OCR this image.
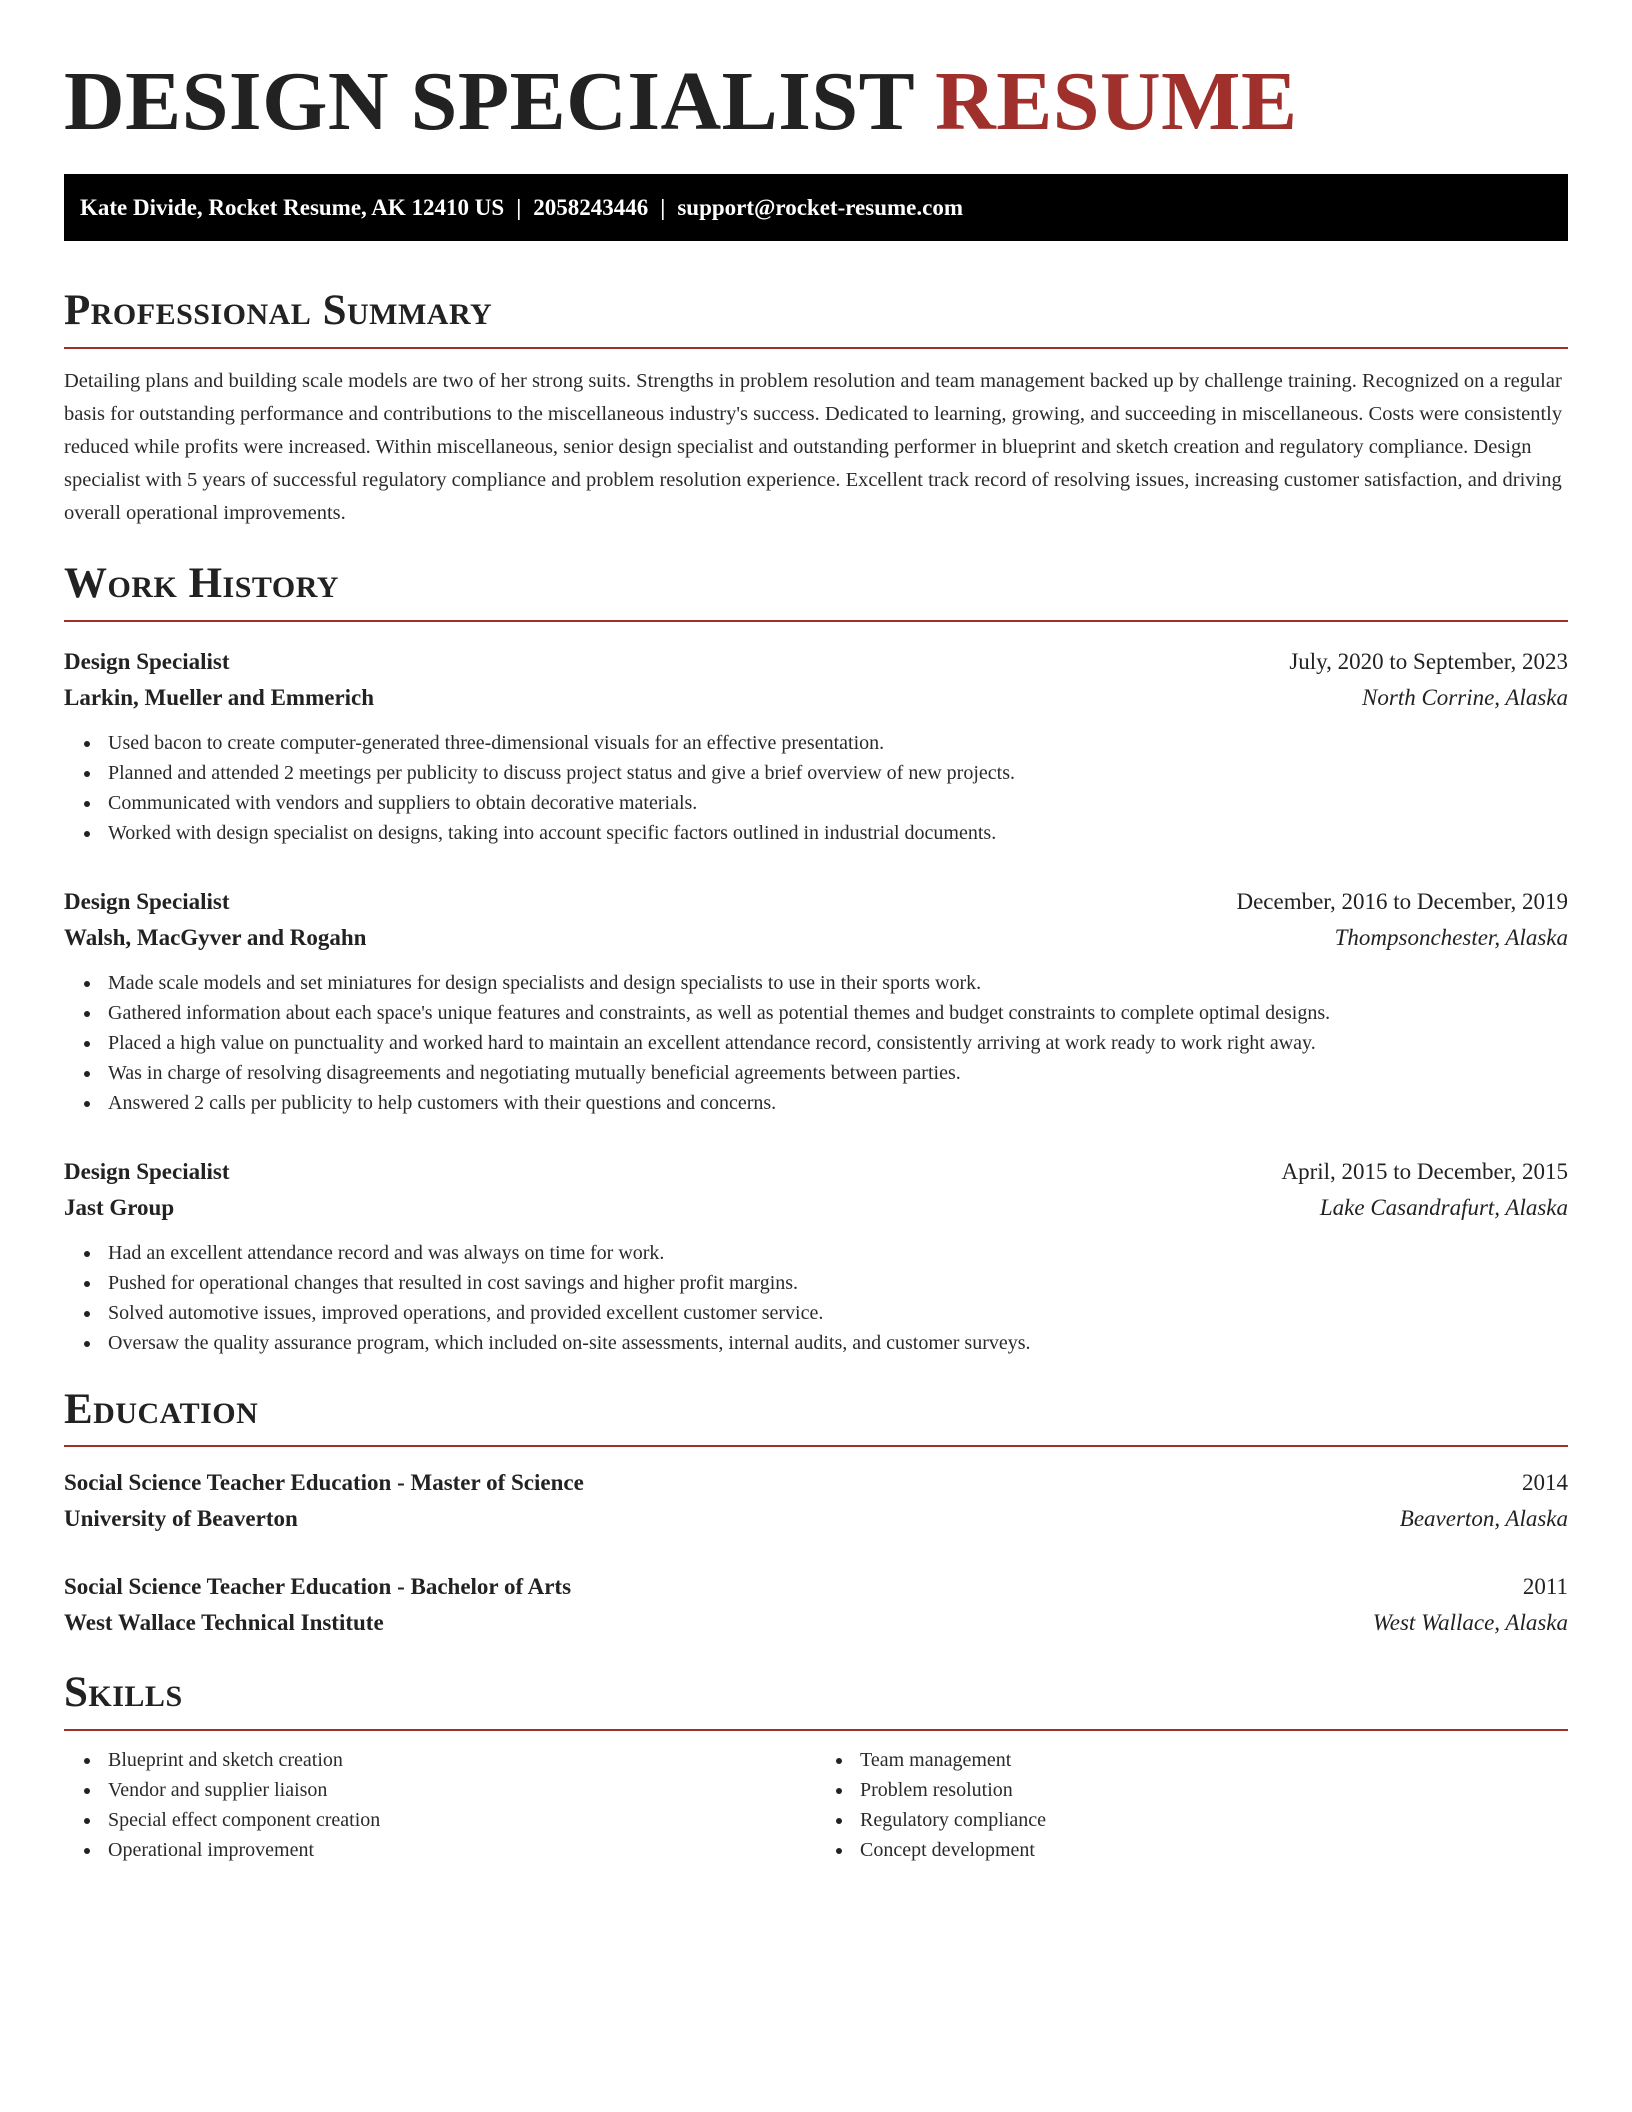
DESIGN SPECIALIST RESUME
Kate Divide, Rocket Resume, AK 12410 US | 2058243446 | support@rocket-resume.com
Professional Summary

Detailing plans and building scale models are two of her strong suits. Strengths in problem resolution and team management backed up by challenge training. Recognized on a regular basis for outstanding performance and contributions to the miscellaneous industry's success. Dedicated to learning, growing, and succeeding in miscellaneous. Costs were consistently reduced while profits were increased. Within miscellaneous, senior design specialist and outstanding performer in blueprint and sketch creation and regulatory compliance. Design specialist with 5 years of successful regulatory compliance and problem resolution experience. Excellent track record of resolving issues, increasing customer satisfaction, and driving overall operational improvements.

Work History
Design Specialist	July, 2020 to September, 2023
Larkin, Mueller and Emmerich	North Corrine, Alaska
Used bacon to create computer-generated three-dimensional visuals for an effective presentation.
Planned and attended 2 meetings per publicity to discuss project status and give a brief overview of new projects.
Communicated with vendors and suppliers to obtain decorative materials.
Worked with design specialist on designs, taking into account specific factors outlined in industrial documents.
Design Specialist	December, 2016 to December, 2019
Walsh, MacGyver and Rogahn	Thompsonchester, Alaska
Made scale models and set miniatures for design specialists and design specialists to use in their sports work.
Gathered information about each space's unique features and constraints, as well as potential themes and budget constraints to complete optimal designs.
Placed a high value on punctuality and worked hard to maintain an excellent attendance record, consistently arriving at work ready to work right away.
Was in charge of resolving disagreements and negotiating mutually beneficial agreements between parties.
Answered 2 calls per publicity to help customers with their questions and concerns.
Design Specialist	April, 2015 to December, 2015
Jast Group	Lake Casandrafurt, Alaska
Had an excellent attendance record and was always on time for work.
Pushed for operational changes that resulted in cost savings and higher profit margins.
Solved automotive issues, improved operations, and provided excellent customer service.
Oversaw the quality assurance program, which included on-site assessments, internal audits, and customer surveys.
Education
Social Science Teacher Education - Master of Science	2014
University of Beaverton	Beaverton, Alaska
Social Science Teacher Education - Bachelor of Arts	2011
West Wallace Technical Institute	West Wallace, Alaska
Skills
Blueprint and sketch creation
Vendor and supplier liaison
Special effect component creation
Operational improvement
Team management
Problem resolution
Regulatory compliance
Concept development
